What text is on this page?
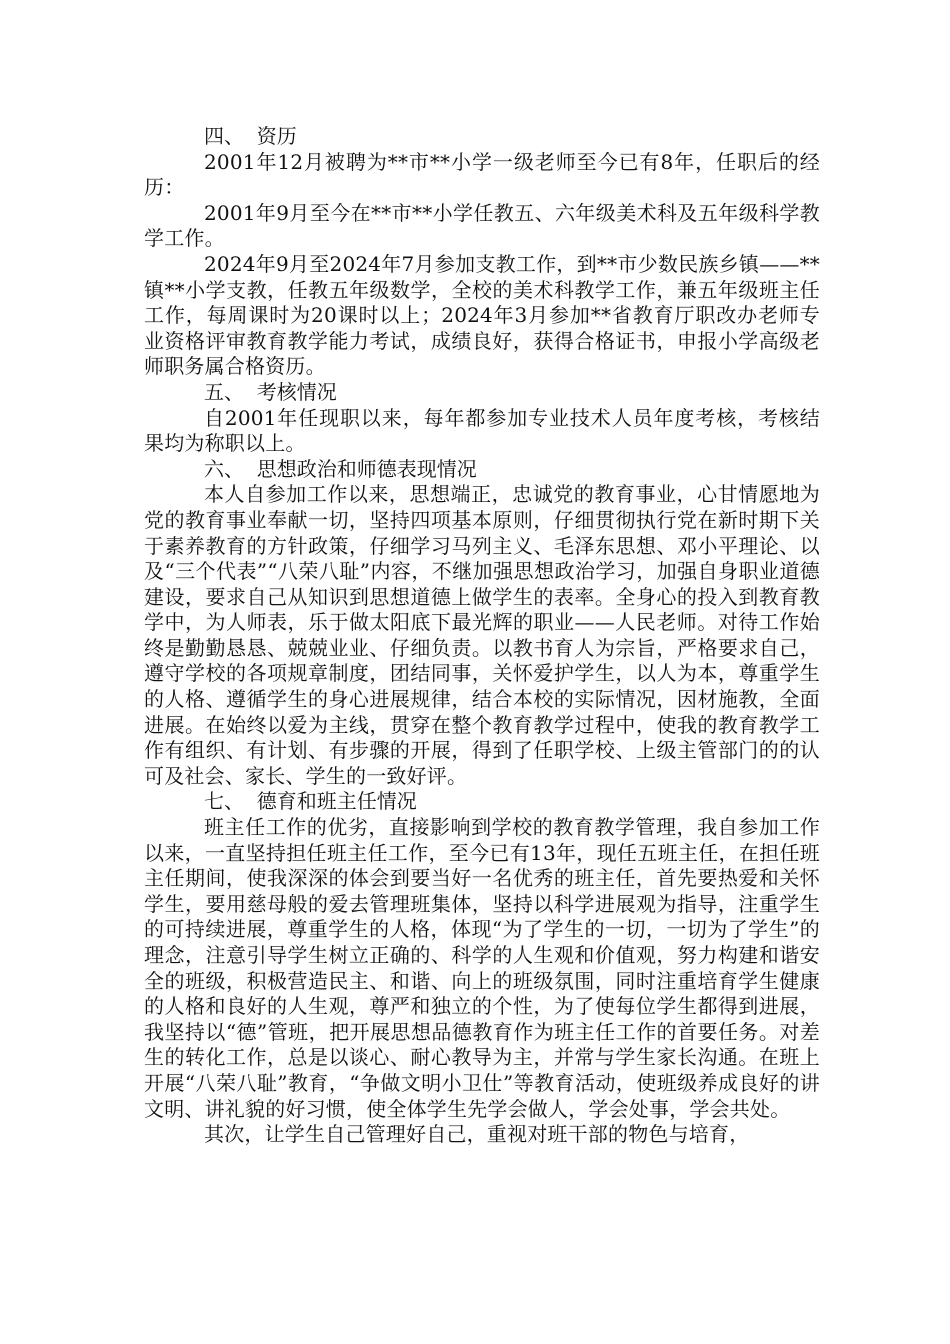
四、  资历

2001年12月被聘为**市**小学一级老师至今已有8年，任职后的经历：

2001年9月至今在**市**小学任教五、六年级美术科及五年级科学教学工作。

2024年9月至2024年7月参加支教工作，到**市少数民族乡镇——**镇**小学支教，任教五年级数学，全校的美术科教学工作，兼五年级班主任工作，每周课时为20课时以上；2024年3月参加**省教育厅职改办老师专业资格评审教育教学能力考试，成绩良好，获得合格证书，申报小学高级老师职务属合格资历。

五、  考核情况

自2001年任现职以来，每年都参加专业技术人员年度考核，考核结果均为称职以上。

六、  思想政治和师德表现情况

本人自参加工作以来，思想端正，忠诚党的教育事业，心甘情愿地为党的教育事业奉献一切，坚持四项基本原则，仔细贯彻执行党在新时期下关于素养教育的方针政策，仔细学习马列主义、毛泽东思想、邓小平理论、以及“三个代表”“八荣八耻”内容，不继加强思想政治学习，加强自身职业道德建设，要求自己从知识到思想道德上做学生的表率。全身心的投入到教育教学中，为人师表，乐于做太阳底下最光辉的职业——人民老师。对待工作始终是勤勤恳恳、兢兢业业、仔细负责。以教书育人为宗旨，严格要求自己，遵守学校的各项规章制度，团结同事，关怀爱护学生，以人为本，尊重学生的人格、遵循学生的身心进展规律，结合本校的实际情况，因材施教，全面进展。在始终以爱为主线，贯穿在整个教育教学过程中，使我的教育教学工作有组织、有计划、有步骤的开展，得到了任职学校、上级主管部门的的认可及社会、家长、学生的一致好评。

七、  德育和班主任情况

班主任工作的优劣，直接影响到学校的教育教学管理，我自参加工作以来，一直坚持担任班主任工作，至今已有13年，现任五班主任，在担任班主任期间，使我深深的体会到要当好一名优秀的班主任，首先要热爱和关怀学生，要用慈母般的爱去管理班集体，坚持以科学进展观为指导，注重学生的可持续进展，尊重学生的人格，体现“为了学生的一切，一切为了学生”的理念，注意引导学生树立正确的、科学的人生观和价值观，努力构建和谐安全的班级，积极营造民主、和谐、向上的班级氛围，同时注重培育学生健康的人格和良好的人生观，尊严和独立的个性，为了使每位学生都得到进展，我坚持以“德”管班，把开展思想品德教育作为班主任工作的首要任务。对差生的转化工作，总是以谈心、耐心教导为主，并常与学生家长沟通。在班上开展“八荣八耻”教育，“争做文明小卫仕”等教育活动，使班级养成良好的讲文明、讲礼貌的好习惯，使全体学生先学会做人，学会处事，学会共处。

其次，让学生自己管理好自己，重视对班干部的物色与培育，
